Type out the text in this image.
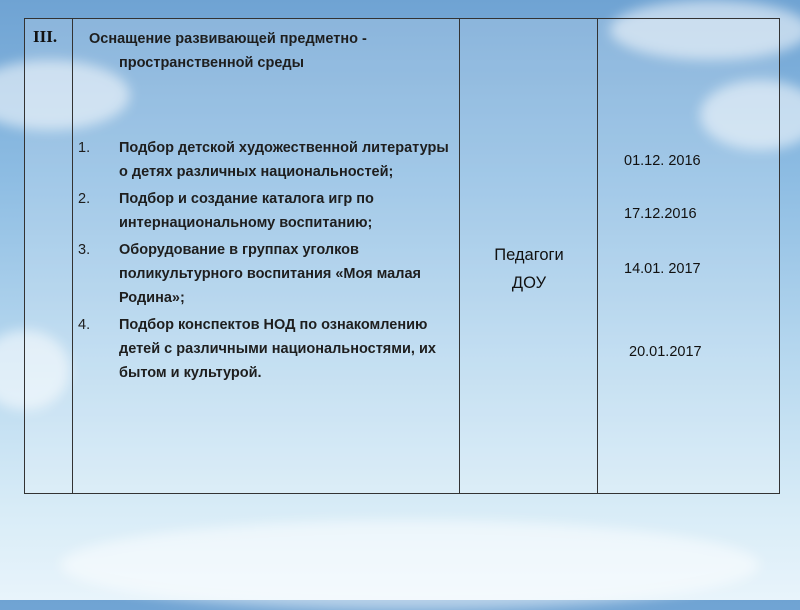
III. Оснащение развивающей предметно -
пространственной среды
1. Подбор детской художественной литературы о детях различных национальностей;
2. Подбор и создание каталога игр по интернациональному воспитанию;
3. Оборудование в группах уголков поликультурного воспитания «Моя малая Родина»;
4. Подбор конспектов НОД по ознакомлению детей с различными национальностями, их бытом и культурой.
Педагоги
ДОУ
01.12. 2016
17.12.2016
14.01. 2017
20.01.2017
